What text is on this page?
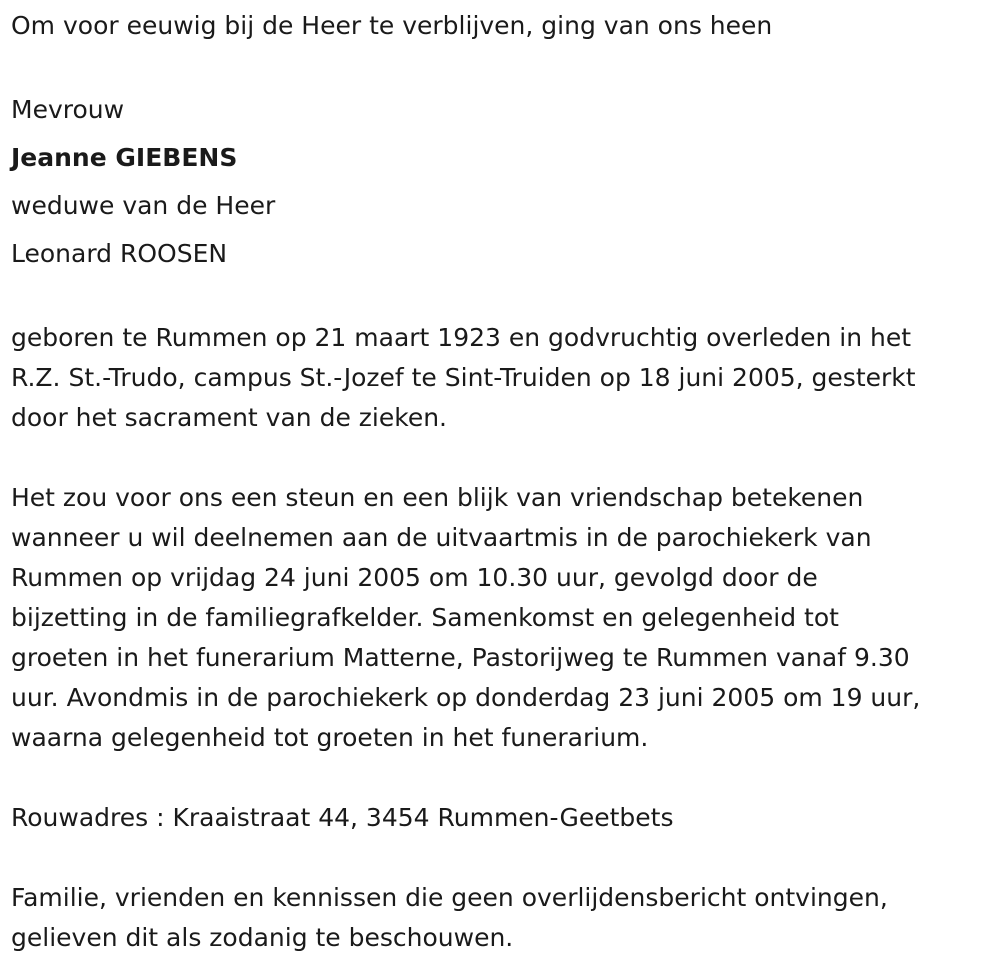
Om voor eeuwig bij de Heer te verblijven, ging van ons heen

Mevrouw

Jeanne GIEBENS

weduwe van de Heer

Leonard ROOSEN

geboren te Rummen op 21 maart 1923 en godvruchtig overleden in het

R.Z. St.-Trudo, campus St.-Jozef te Sint-Truiden op 18 juni 2005, gesterkt

door het sacrament van de zieken.

Het zou voor ons een steun en een blijk van vriendschap betekenen

wanneer u wil deelnemen aan de uitvaartmis in de parochiekerk van

Rummen op vrijdag 24 juni 2005 om 10.30 uur, gevolgd door de

bijzetting in de familiegrafkelder. Samenkomst en gelegenheid tot

groeten in het funerarium Matterne, Pastorijweg te Rummen vanaf 9.30

uur. Avondmis in de parochiekerk op donderdag 23 juni 2005 om 19 uur,

waarna gelegenheid tot groeten in het funerarium.

Rouwadres : Kraaistraat 44, 3454 Rummen-Geetbets

Familie, vrienden en kennissen die geen overlijdensbericht ontvingen,

gelieven dit als zodanig te beschouwen.
